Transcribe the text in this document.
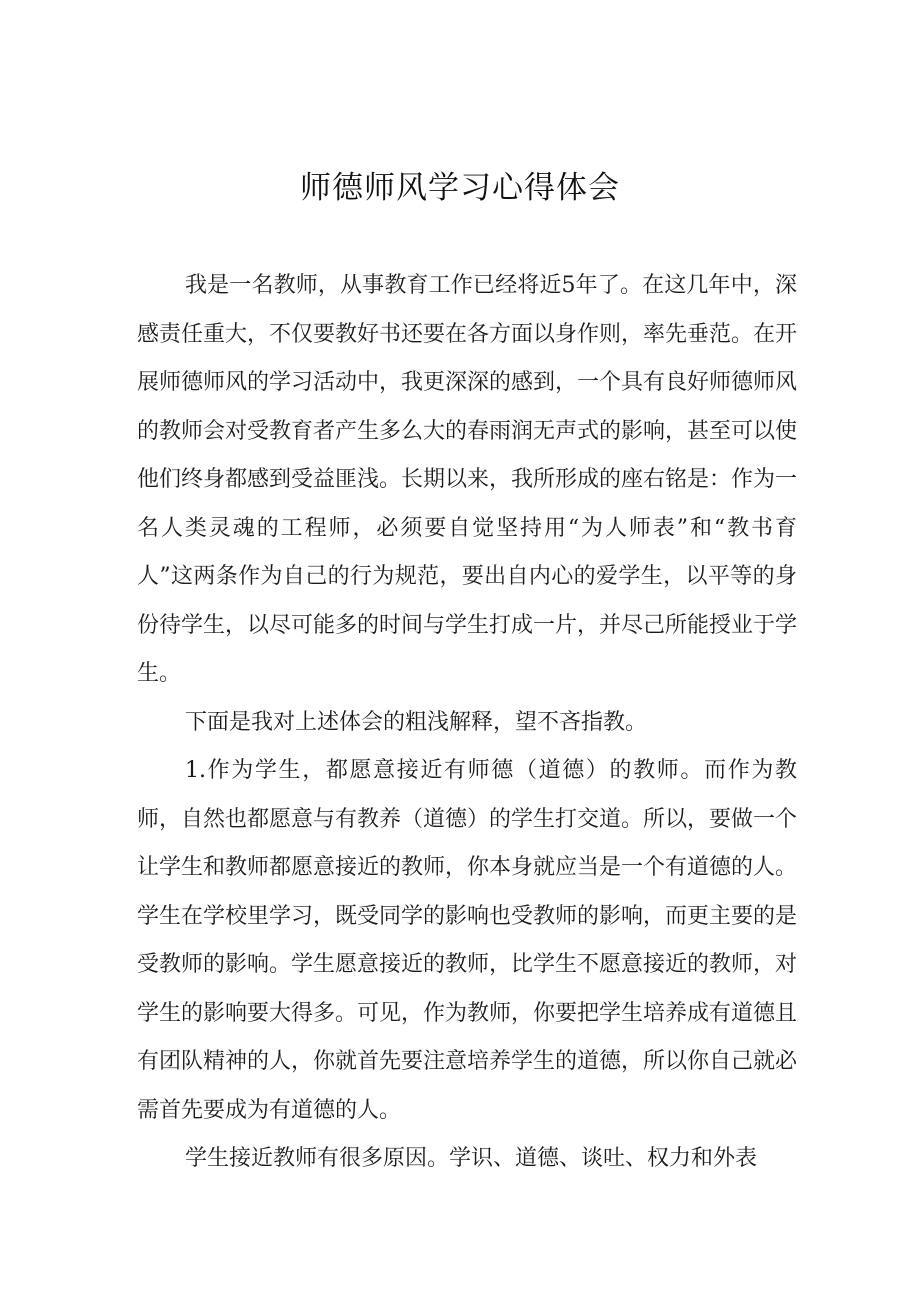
师德师风学习心得体会

我是一名教师，从事教育工作已经将近5年了。在这几年中，深感责任重大，不仅要教好书还要在各方面以身作则，率先垂范。在开展师德师风的学习活动中，我更深深的感到，一个具有良好师德师风的教师会对受教育者产生多么大的春雨润无声式的影响，甚至可以使他们终身都感到受益匪浅。长期以来，我所形成的座右铭是：作为一名人类灵魂的工程师，必须要自觉坚持用“为人师表”和“教书育人”这两条作为自己的行为规范，要出自内心的爱学生，以平等的身份待学生，以尽可能多的时间与学生打成一片，并尽己所能授业于学生。

下面是我对上述体会的粗浅解释，望不吝指教。

1.作为学生，都愿意接近有师德（道德）的教师。而作为教师，自然也都愿意与有教养（道德）的学生打交道。所以，要做一个让学生和教师都愿意接近的教师，你本身就应当是一个有道德的人。学生在学校里学习，既受同学的影响也受教师的影响，而更主要的是受教师的影响。学生愿意接近的教师，比学生不愿意接近的教师，对学生的影响要大得多。可见，作为教师，你要把学生培养成有道德且有团队精神的人，你就首先要注意培养学生的道德，所以你自己就必需首先要成为有道德的人。

学生接近教师有很多原因。学识、道德、谈吐、权力和外表
